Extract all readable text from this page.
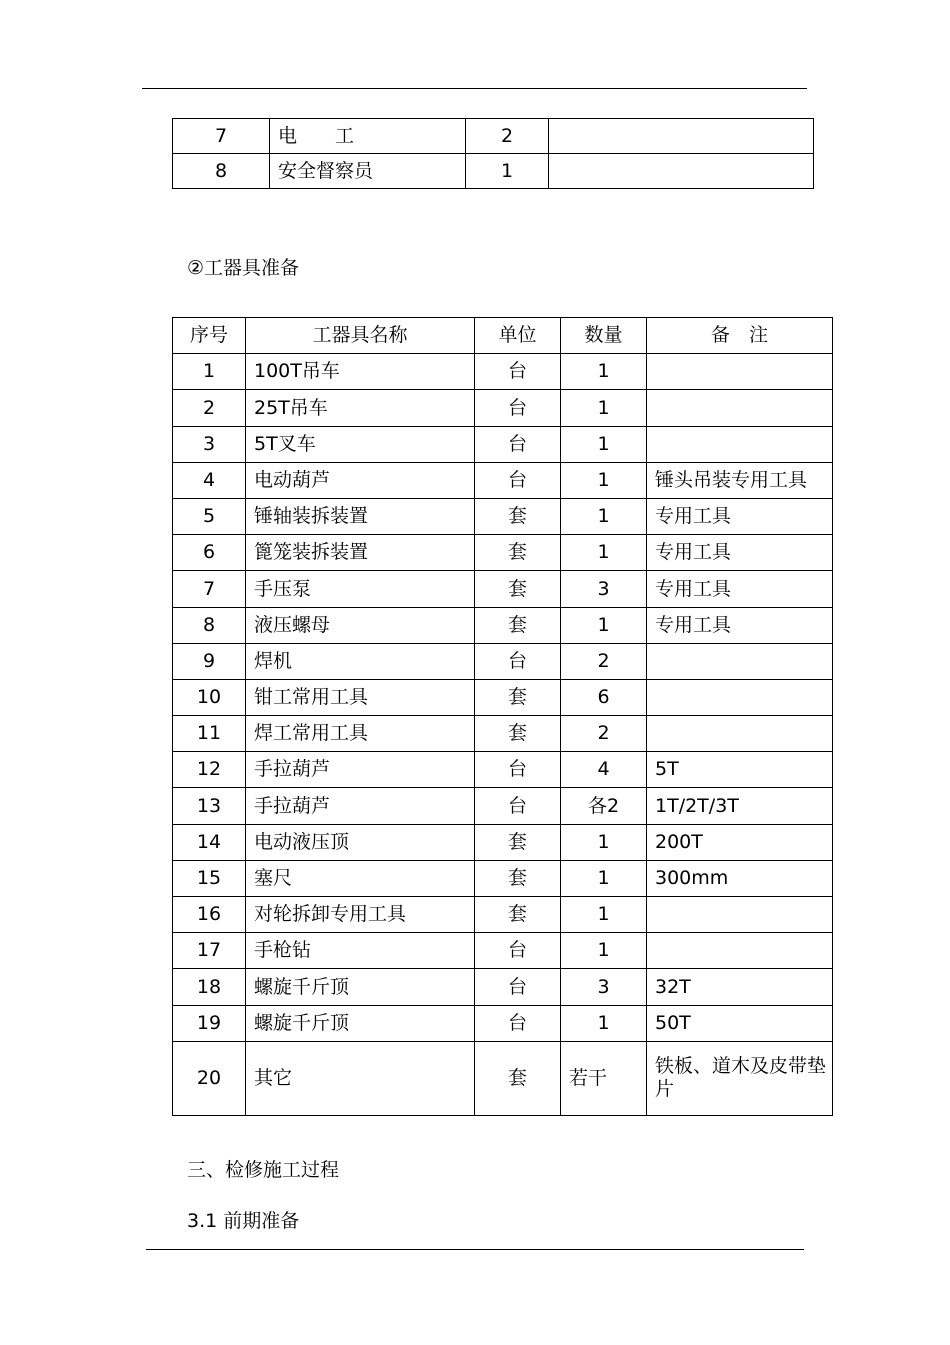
7	电　　工	2	
8	安全督察员	1	
②工器具准备
序号	工器具名称	单位	数量	备　注
1	100T吊车	台	1	
2	25T吊车	台	1	
3	5T叉车	台	1	
4	电动葫芦	台	1	锤头吊装专用工具
5	锤轴装拆装置	套	1	专用工具
6	篦笼装拆装置	套	1	专用工具
7	手压泵	套	3	专用工具
8	液压螺母	套	1	专用工具
9	焊机	台	2	
10	钳工常用工具	套	6	
11	焊工常用工具	套	2	
12	手拉葫芦	台	4	5T
13	手拉葫芦	台	各2	1T/2T/3T
14	电动液压顶	套	1	200T
15	塞尺	套	1	300mm
16	对轮拆卸专用工具	套	1	
17	手枪钻	台	1	
18	螺旋千斤顶	台	3	32T
19	螺旋千斤顶	台	1	50T
20	其它	套	若干	铁板、道木及皮带垫片
三、检修施工过程
3.1 前期准备
